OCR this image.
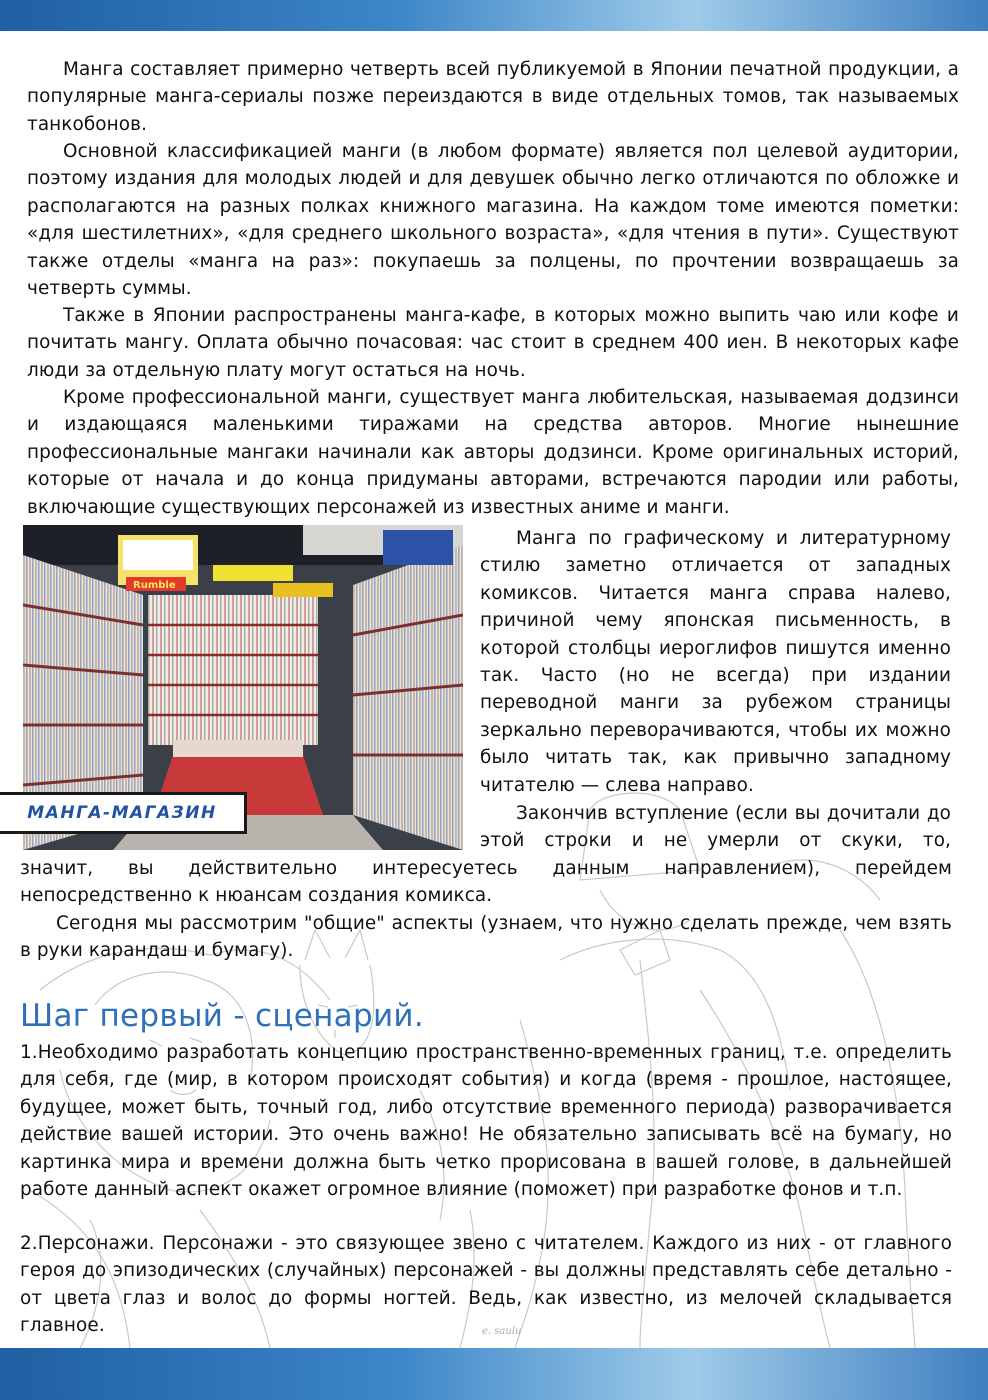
Манга составляет примерно четверть всей публикуемой в Японии печатной продукции, а популярные манга-сериалы позже переиздаются в виде отдельных томов, так называемых танкобонов.

Основной классификацией манги (в любом формате) является пол целевой аудитории, поэтому издания для молодых людей и для девушек обычно легко отличаются по обложке и располагаются на разных полках книжного магазина. На каждом томе имеются пометки: «для шестилетних», «для среднего школьного возраста», «для чтения в пути». Существуют также отделы «манга на раз»: покупаешь за полцены, по прочтении возвращаешь за четверть суммы.

Также в Японии распространены манга-кафе, в которых можно выпить чаю или кофе и почитать мангу. Оплата обычно почасовая: час стоит в среднем 400 иен. В некоторых кафе люди за отдельную плату могут остаться на ночь.

Кроме профессиональной манги, существует манга любительская, называемая додзинси и издающаяся маленькими тиражами на средства авторов. Многие нынешние профессиональные мангаки начинали как авторы додзинси. Кроме оригинальных историй, которые от начала и до конца придуманы авторами, встречаются пародии или работы, включающие существующих персонажей из известных аниме и манги.

Rumble
МАНГА-МАГАЗИН

Манга по графическому и литературному стилю заметно отличается от западных комиксов. Читается манга справа налево, причиной чему японская письменность, в которой столбцы иероглифов пишутся именно так. Часто (но не всегда) при издании переводной манги за рубежом страницы зеркально переворачиваются, чтобы их можно было читать так, как привычно западному читателю — слева направо.

Закончив вступление (если вы дочитали до этой строки и не умерли от скуки, то,

значит, вы действительно интересуетесь данным направлением), перейдем непосредственно к нюансам создания комикса.

Сегодня мы рассмотрим "общие" аспекты (узнаем, что нужно сделать прежде, чем взять в руки карандаш и бумагу).

Шаг первый - сценарий.

1.Необходимо разработать концепцию пространственно-временных границ, т.е. определить для себя, где (мир, в котором происходят события) и когда (время - прошлое, настоящее, будущее, может быть, точный год, либо отсутствие временного периода) разворачивается действие вашей истории. Это очень важно! Не обязательно записывать всё на бумагу, но картинка мира и времени должна быть четко прорисована в вашей голове, в дальнейшей работе данный аспект окажет огромное влияние (поможет) при разработке фонов и т.п.

2.Персонажи. Персонажи - это связующее звено с читателем. Каждого из них - от главного героя до эпизодических (случайных) персонажей - вы должны представлять себе детально - от цвета глаз и волос до формы ногтей. Ведь, как известно, из мелочей складывается главное.	e. saulu
